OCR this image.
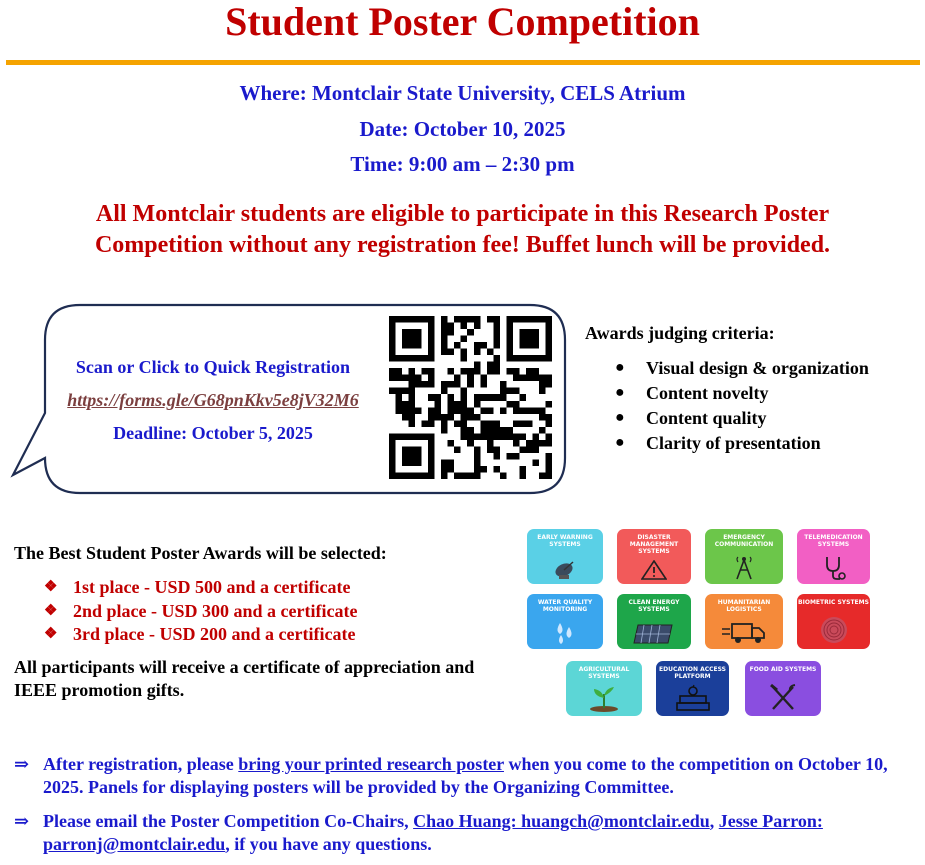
Student Poster Competition
Where: Montclair State University, CELS Atrium
Date: October 10, 2025
Time: 9:00 am – 2:30 pm
All Montclair students are eligible to participate in this Research Poster Competition without any registration fee! Buffet lunch will be provided.
Scan or Click to Quick Registration
https://forms.gle/G68pnKkv5e8jV32M6
Deadline: October 5, 2025
Awards judging criteria:
●	Visual design & organization
●	Content novelty
●	Content quality
●	Clarity of presentation
The Best Student Poster Awards will be selected:
❖ 1st place - USD 500 and a certificate
❖ 2nd place - USD 300 and a certificate
❖ 3rd place - USD 200 and a certificate
All participants will receive a certificate of appreciation and IEEE promotion gifts.
EARLY WARNING SYSTEMS
DISASTER MANAGEMENT SYSTEMS
EMERGENCY COMMUNICATION
TELEMEDICATION SYSTEMS
WATER QUALITY MONITORING
CLEAN ENERGY SYSTEMS
HUMANITARIAN LOGISTICS
BIOMETRIC SYSTEMS
AGRICULTURAL SYSTEMS
EDUCATION ACCESS PLATFORM
FOOD AID SYSTEMS
⇒ After registration, please bring your printed research poster when you come to the competition on October 10, 2025. Panels for displaying posters will be provided by the Organizing Committee.
⇒ Please email the Poster Competition Co-Chairs, Chao Huang: huangch@montclair.edu, Jesse Parron: parronj@montclair.edu, if you have any questions.
